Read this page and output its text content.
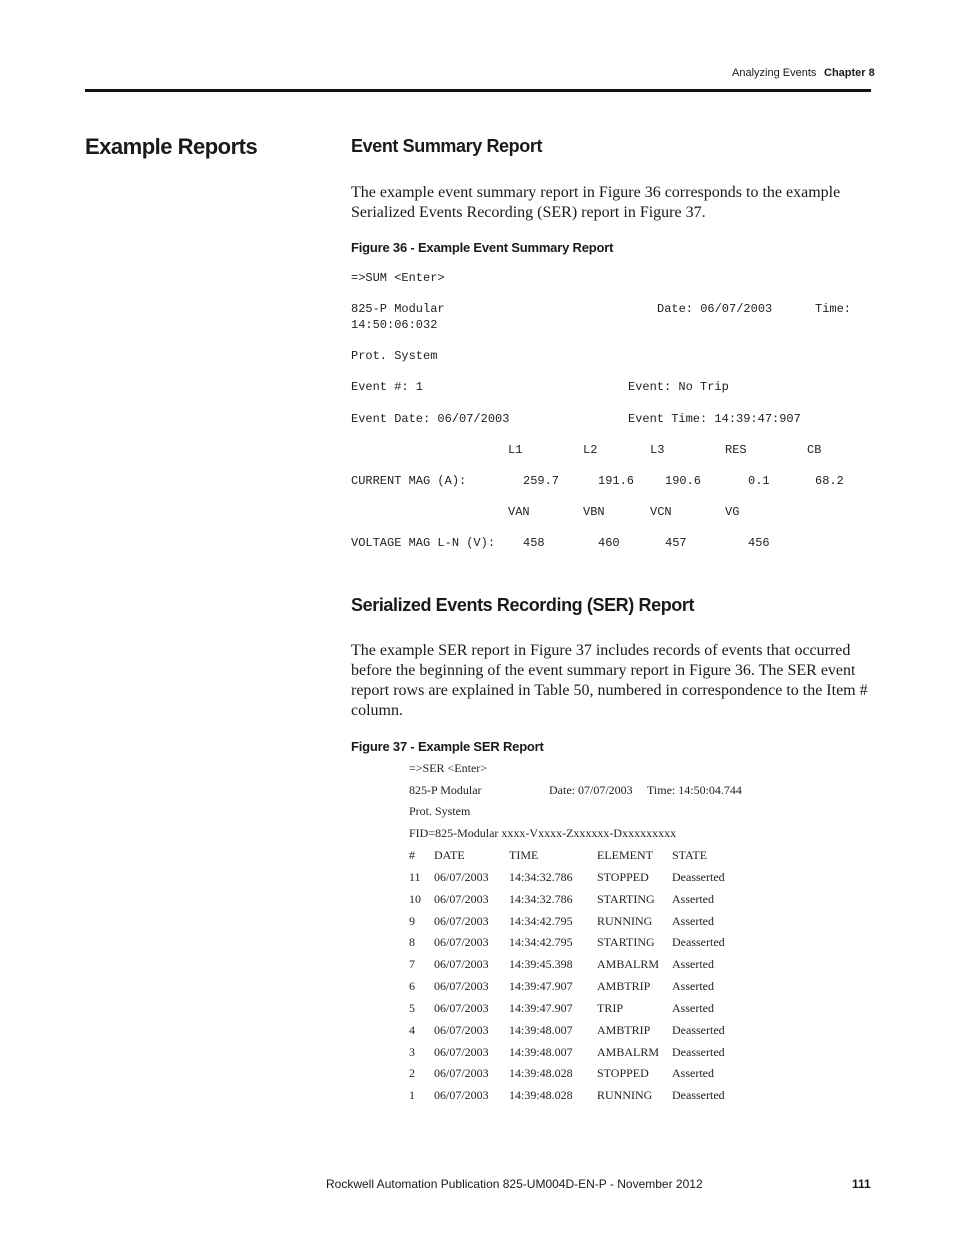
Analyzing Events Chapter 8
Example Reports	Event Summary Report
The example event summary report in Figure 36 corresponds to the example Serialized Events Recording (SER) report in Figure 37.
Figure 36 - Example Event Summary Report
=>SUM <Enter>
825-P Modular	Date: 06/07/2003	Time:
14:50:06:032
Prot. System
Event #: 1	Event: No Trip
Event Date: 06/07/2003	Event Time: 14:39:47:907
L1	L2	L3	RES	CB
CURRENT MAG (A):	259.7	191.6	190.6	0.1	68.2
VAN	VBN	VCN	VG
VOLTAGE MAG L-N (V): 458	460	457	456
Serialized Events Recording (SER) Report
The example SER report in Figure 37 includes records of events that occurred before the beginning of the event summary report in Figure 36. The SER event report rows are explained in Table 50, numbered in correspondence to the Item # column.
Figure 37 - Example SER Report
=>SER <Enter>
825-P Modular	Date: 07/07/2003 Time: 14:50:04.744
Prot. System
FID=825-Modular xxxx-Vxxxx-Zxxxxxx-Dxxxxxxxxx
# DATE	TIME	ELEMENT STATE
11 06/07/2003 14:34:32.786 STOPPED Deasserted
10 06/07/2003 14:34:32.786 STARTING Asserted
9 06/07/2003 14:34:42.795 RUNNING Asserted
8 06/07/2003 14:34:42.795 STARTING Deasserted
7 06/07/2003 14:39:45.398 AMBALRM Asserted
6 06/07/2003 14:39:47.907 AMBTRIP Asserted
5 06/07/2003 14:39:47.907 TRIP	Asserted
4 06/07/2003 14:39:48.007 AMBTRIP Deasserted
3 06/07/2003 14:39:48.007 AMBALRM Deasserted
2 06/07/2003 14:39:48.028 STOPPED Asserted
1 06/07/2003 14:39:48.028 RUNNING Deasserted
Rockwell Automation Publication 825-UM004D-EN-P - November 2012	111
